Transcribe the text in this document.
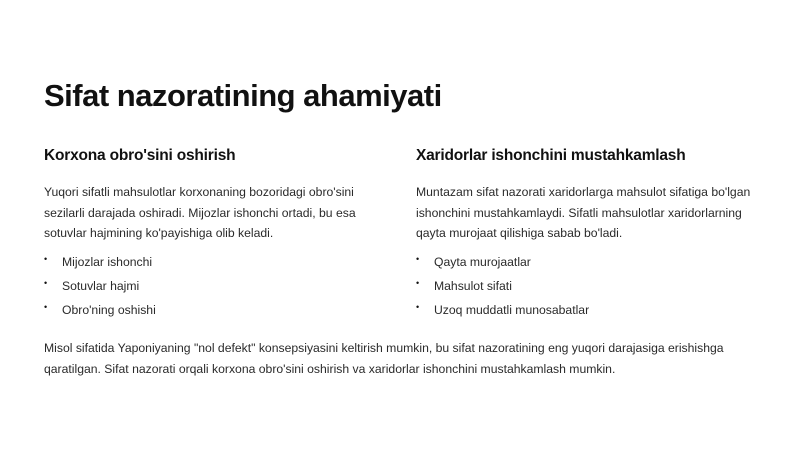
Sifat nazoratining ahamiyati
Korxona obro'sini oshirish

Yuqori sifatli mahsulotlar korxonaning bozoridagi obro'sini sezilarli darajada oshiradi. Mijozlar ishonchi ortadi, bu esa sotuvlar hajmining ko'payishiga olib keladi.

• Mijozlar ishonchi
• Sotuvlar hajmi
• Obro'ning oshishi
Xaridorlar ishonchini mustahkamlash

Muntazam sifat nazorati xaridorlarga mahsulot sifatiga bo'lgan ishonchini mustahkamlaydi. Sifatli mahsulotlar xaridorlarning qayta murojaat qilishiga sabab bo'ladi.

• Qayta murojaatlar
• Mahsulot sifati
• Uzoq muddatli munosabatlar

Misol sifatida Yaponiyaning "nol defekt" konsepsiyasini keltirish mumkin, bu sifat nazoratining eng yuqori darajasiga erishishga qaratilgan. Sifat nazorati orqali korxona obro'sini oshirish va xaridorlar ishonchini mustahkamlash mumkin.
